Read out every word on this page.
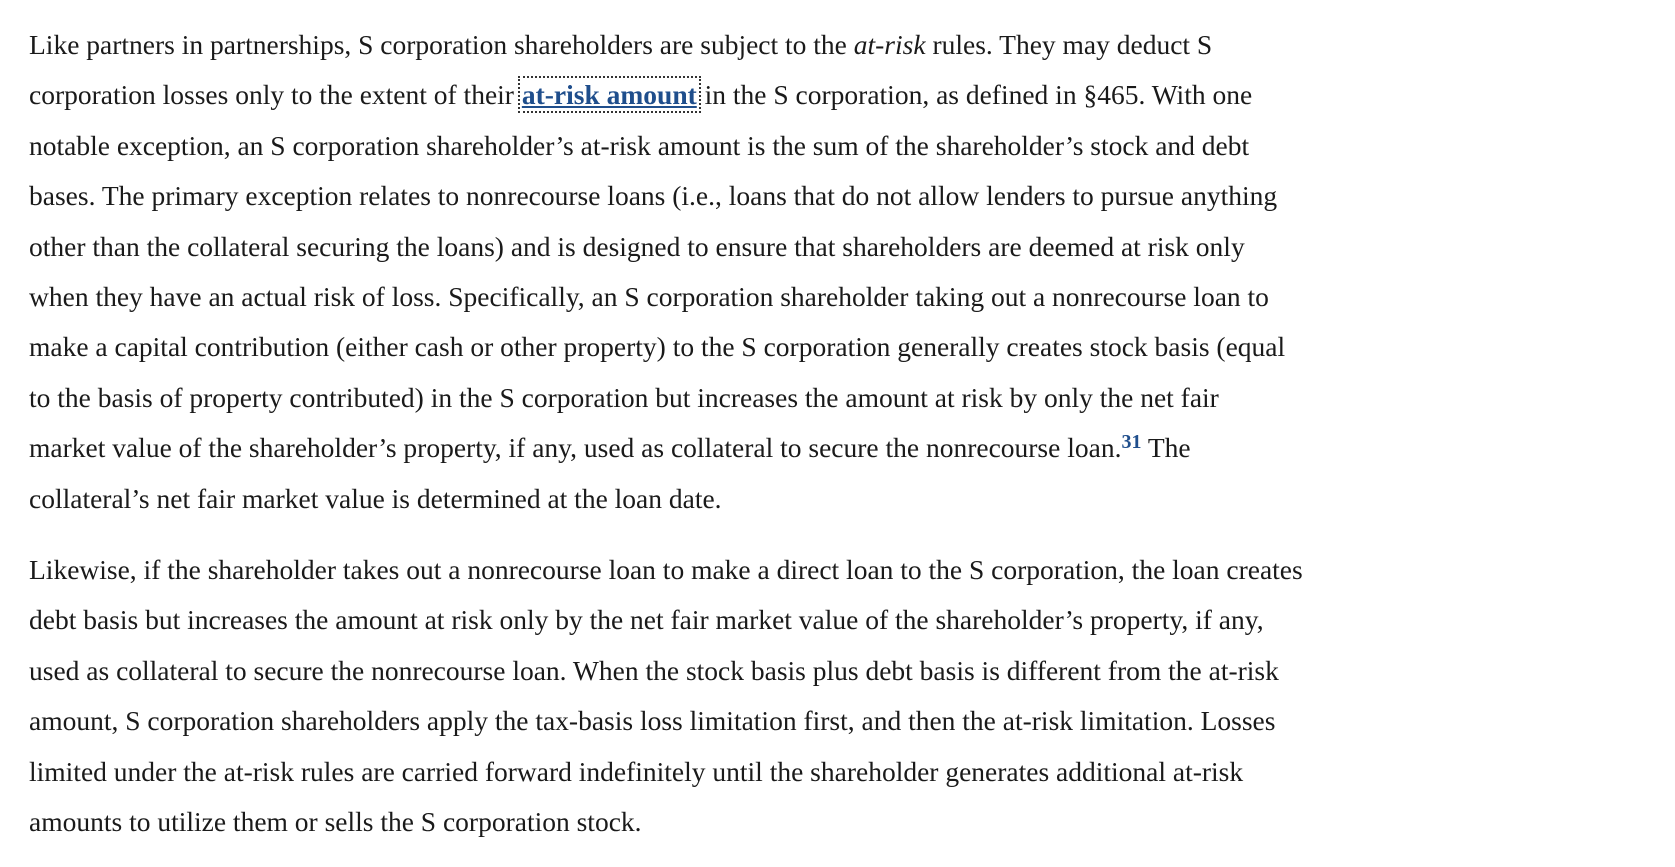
Like partners in partnerships, S corporation shareholders are subject to the at-risk rules. They may deduct S
corporation losses only to the extent of their at-risk amount in the S corporation, as defined in §465. With one
notable exception, an S corporation shareholder’s at-risk amount is the sum of the shareholder’s stock and debt
bases. The primary exception relates to nonrecourse loans (i.e., loans that do not allow lenders to pursue anything
other than the collateral securing the loans) and is designed to ensure that shareholders are deemed at risk only
when they have an actual risk of loss. Specifically, an S corporation shareholder taking out a nonrecourse loan to
make a capital contribution (either cash or other property) to the S corporation generally creates stock basis (equal
to the basis of property contributed) in the S corporation but increases the amount at risk by only the net fair
market value of the shareholder’s property, if any, used as collateral to secure the nonrecourse loan.$^{31}$ The
collateral’s net fair market value is determined at the loan date.

Likewise, if the shareholder takes out a nonrecourse loan to make a direct loan to the S corporation, the loan creates
debt basis but increases the amount at risk only by the net fair market value of the shareholder’s property, if any,
used as collateral to secure the nonrecourse loan. When the stock basis plus debt basis is different from the at-risk
amount, S corporation shareholders apply the tax-basis loss limitation first, and then the at-risk limitation. Losses
limited under the at-risk rules are carried forward indefinitely until the shareholder generates additional at-risk
amounts to utilize them or sells the S corporation stock.
